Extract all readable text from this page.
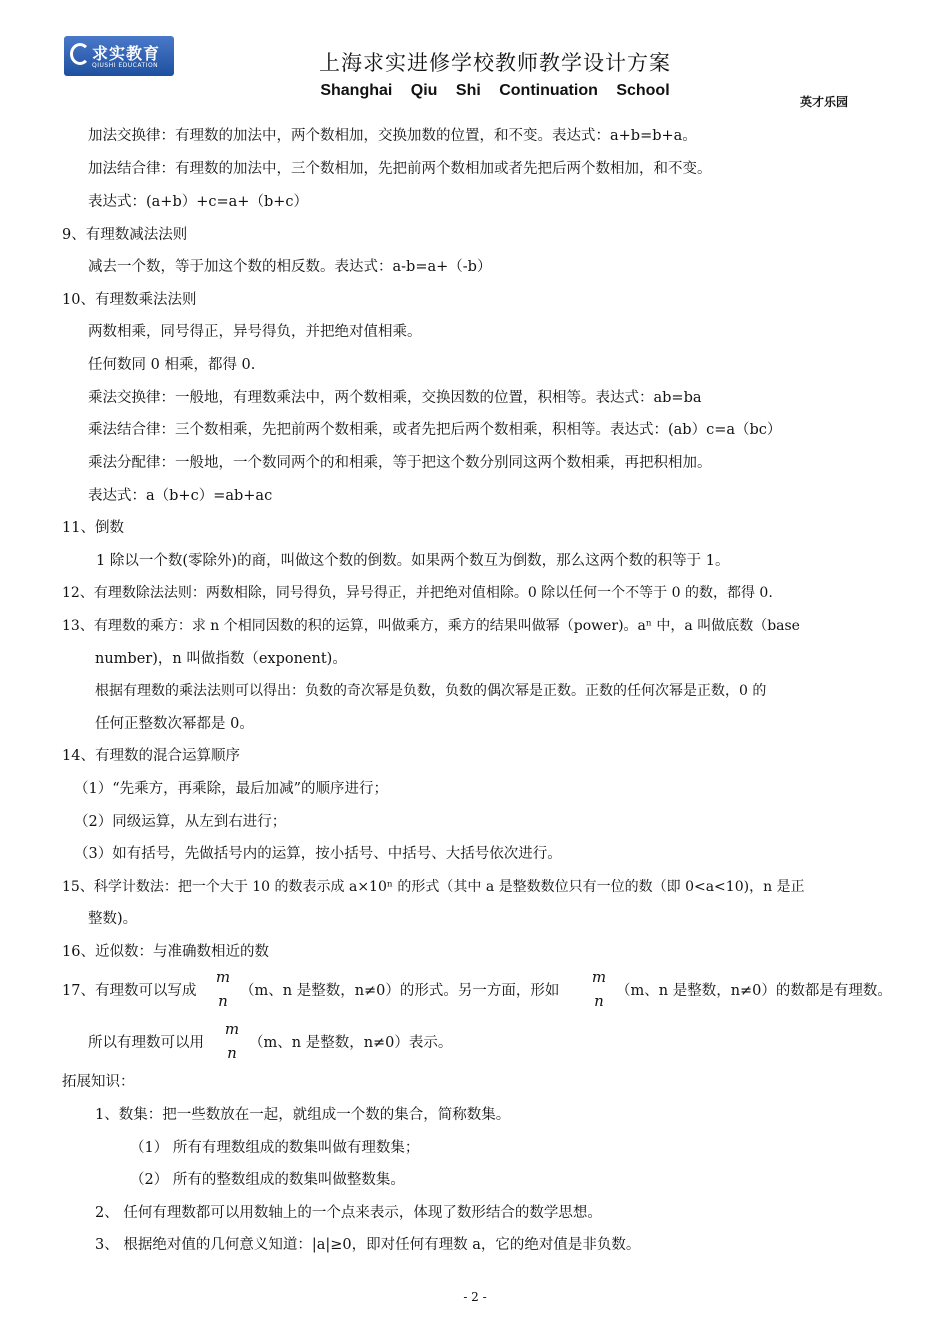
求实教育
QIUSHI EDUCATION	上海求实进修学校教师教学设计方案
Shanghai Qiu Shi Continuation School
英才乐园
加法交换律：有理数的加法中，两个数相加，交换加数的位置，和不变。表达式：a+b=b+a。
加法结合律：有理数的加法中，三个数相加，先把前两个数相加或者先把后两个数相加，和不变。
表达式：(a+b）+c=a+（b+c）
9、有理数减法法则
减去一个数，等于加这个数的相反数。表达式：a-b=a+（-b）
10、有理数乘法法则
两数相乘，同号得正，异号得负，并把绝对值相乘。
任何数同 0 相乘，都得 0.
乘法交换律：一般地，有理数乘法中，两个数相乘，交换因数的位置，积相等。表达式：ab=ba
乘法结合律：三个数相乘，先把前两个数相乘，或者先把后两个数相乘，积相等。表达式：(ab）c=a（bc）
乘法分配律：一般地，一个数同两个的和相乘，等于把这个数分别同这两个数相乘，再把积相加。
表达式：a（b+c）=ab+ac
11、倒数
1 除以一个数(零除外)的商，叫做这个数的倒数。如果两个数互为倒数，那么这两个数的积等于 1。
12、有理数除法法则：两数相除，同号得负，异号得正，并把绝对值相除。0 除以任何一个不等于 0 的数，都得 0.
13、有理数的乘方：求 n 个相同因数的积的运算，叫做乘方，乘方的结果叫做幂（power)。aⁿ 中，a 叫做底数（base
number)，n 叫做指数（exponent)。
根据有理数的乘法法则可以得出：负数的奇次幂是负数，负数的偶次幂是正数。正数的任何次幂是正数，0 的
任何正整数次幂都是 0。
14、有理数的混合运算顺序
（1）“先乘方，再乘除，最后加减”的顺序进行；
（2）同级运算，从左到右进行；
（3）如有括号，先做括号内的运算，按小括号、中括号、大括号依次进行。
15、科学计数法：把一个大于 10 的数表示成 a×10ⁿ 的形式（其中 a 是整数数位只有一位的数（即 0<a<10)，n 是正
整数)。
16、近似数：与准确数相近的数
17、有理数可以写成
m
n
（m、n 是整数，n≠0）的形式。另一方面，形如
m
n
（m、n 是整数，n≠0）的数都是有理数。
所以有理数可以用
m
n
（m、n 是整数，n≠0）表示。
拓展知识：
1、数集：把一些数放在一起，就组成一个数的集合，简称数集。
（1） 所有有理数组成的数集叫做有理数集；
（2） 所有的整数组成的数集叫做整数集。
2、 任何有理数都可以用数轴上的一个点来表示，体现了数形结合的数学思想。
3、 根据绝对值的几何意义知道：|a|≥0，即对任何有理数 a，它的绝对值是非负数。
- 2 -
